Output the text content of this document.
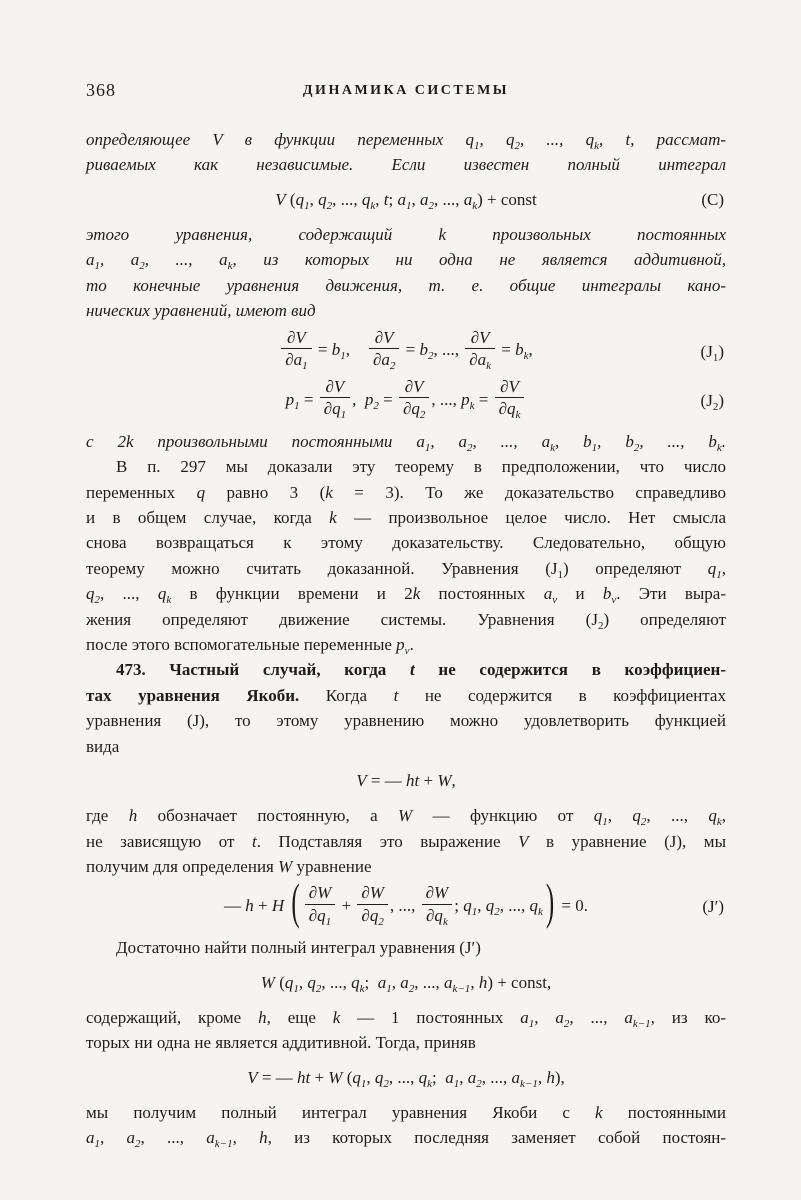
368	ДИНАМИКА СИСТЕМЫ
определяющее V в функции переменных $q_1$, $q_2$, ..., $q_k$, t, рассмат-
риваемых как независимые. Если известен полный интеграл
V ($q_1$, $q_2$, ..., $q_k$, t; $a_1$, $a_2$, ..., $a_k$) + const	(C)
этого уравнения, содержащий k произвольных постоянных
$a_1$, $a_2$, ..., $a_k$, из которых ни одна не является аддитивной,
то конечные уравнения движения, т. е. общие интегралы кано-
нических уравнений, имеют вид
$\frac{\partial V}{\partial a_1} = b_1$,  $\frac{\partial V}{\partial a_2} = b_2$, ..., $\frac{\partial V}{\partial a_k} = b_k$,	$(J_1)$
$p_1 = \frac{\partial V}{\partial q_1}$ , $p_2 = \frac{\partial V}{\partial q_2}$ , ..., $p_k = \frac{\partial V}{\partial q_k}$	$(J_2)$
с 2k произвольными постоянными $a_1$, $a_2$, ..., $a_k$, $b_1$, $b_2$, ..., $b_k$.
В п. 297 мы доказали эту теорему в предположении, что число
переменных q равно 3 (k = 3). То же доказательство справедливо
и в общем случае, когда k — произвольное целое число. Нет смысла
снова возвращаться к этому доказательству. Следовательно, общую
теорему можно считать доказанной. Уравнения $(J_1)$ определяют $q_1$,
$q_2$, ..., $q_k$ в функции времени и 2k постоянных $a_\nu$ и $b_\nu$. Эти выра-
жения определяют движение системы. Уравнения $(J_2)$ определяют
после этого вспомогательные переменные $p_\nu$.
473. Частный случай, когда t не содержится в коэффициен-
тах уравнения Якоби. Когда t не содержится в коэффициентах
уравнения (J), то этому уравнению можно удовлетворить функцией
вида
V = — ht + W,
где h обозначает постоянную, а W — функцию от $q_1$, $q_2$, ..., $q_k$,
не зависящую от t. Подставляя это выражение V в уравнение (J), мы
получим для определения W уравнение
— h + H ( $\frac{\partial W}{\partial q_1} + \frac{\partial W}{\partial q_2}$ , ..., $\frac{\partial W}{\partial q_k}$ ; $q_1$, $q_2$, ..., $q_k$ ) = 0.	(J′)
Достаточно найти полный интеграл уравнения (J′)
W ($q_1$, $q_2$, ..., $q_k$; $a_1$, $a_2$, ..., $a_{k-1}$, h) + const,
содержащий, кроме h, еще k — 1 постоянных $a_1$, $a_2$, ..., $a_{k-1}$, из ко-
торых ни одна не является аддитивной. Тогда, приняв
V = — ht + W ($q_1$, $q_2$, ..., $q_k$; $a_1$, $a_2$, ..., $a_{k-1}$, h),
мы получим полный интеграл уравнения Якоби с k постоянными
$a_1$, $a_2$, ..., $a_{k-1}$, h, из которых последняя заменяет собой постоян-
